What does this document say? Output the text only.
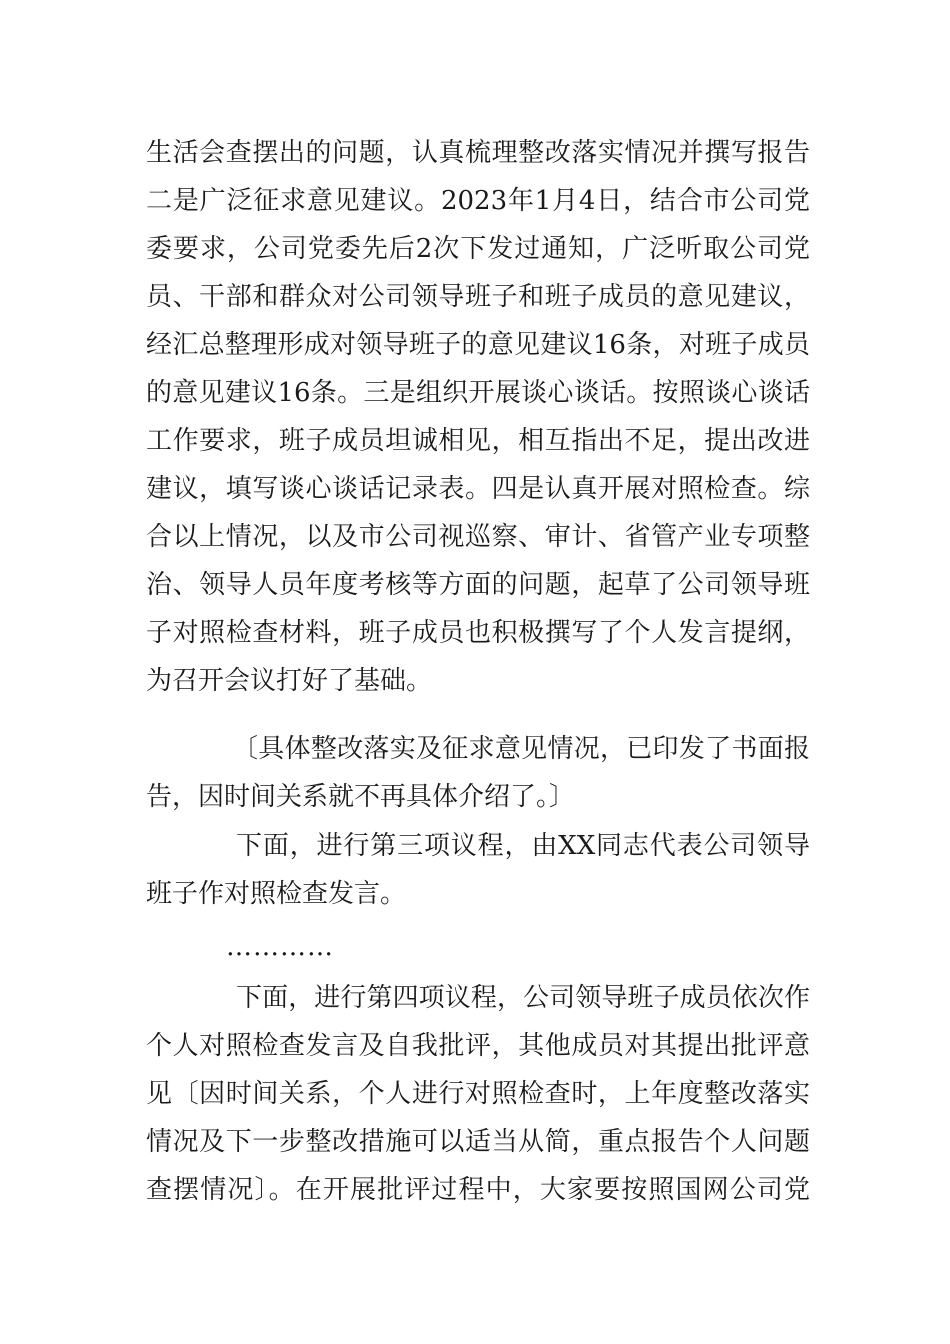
生活会查摆出的问题，认真梳理整改落实情况并撰写报告
二是广泛征求意见建议。2023年1月4日，结合市公司党
委要求，公司党委先后2次下发过通知，广泛听取公司党
员、干部和群众对公司领导班子和班子成员的意见建议，
经汇总整理形成对领导班子的意见建议16条，对班子成员
的意见建议16条。三是组织开展谈心谈话。按照谈心谈话
工作要求，班子成员坦诚相见，相互指出不足，提出改进
建议，填写谈心谈话记录表。四是认真开展对照检查。综
合以上情况，以及市公司视巡察、审计、省管产业专项整
治、领导人员年度考核等方面的问题，起草了公司领导班
子对照检查材料，班子成员也积极撰写了个人发言提纲，
为召开会议打好了基础。
〔具体整改落实及征求意见情况，已印发了书面报
告，因时间关系就不再具体介绍了。〕
下面，进行第三项议程，由XX同志代表公司领导
班子作对照检查发言。
…………
下面，进行第四项议程，公司领导班子成员依次作
个人对照检查发言及自我批评，其他成员对其提出批评意
见〔因时间关系，个人进行对照检查时，上年度整改落实
情况及下一步整改措施可以适当从简，重点报告个人问题
查摆情况〕。在开展批评过程中，大家要按照国网公司党
